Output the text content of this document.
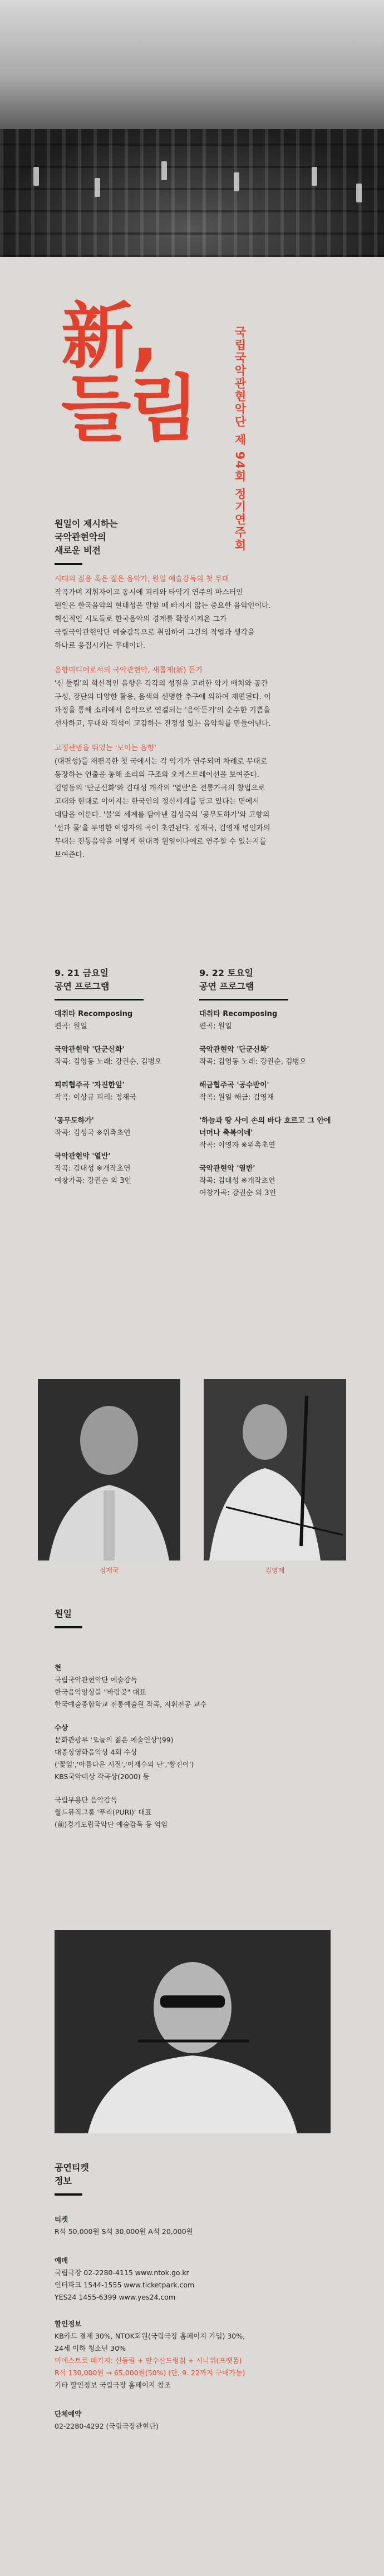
新,
들림	국립국악관현악단 제 94회 정기연주회
원일이 제시하는
국악관현악의
새로운 비전

시대의 젊음 혹은 젊은 음악가, 원일 예술감독의 첫 무대

작곡가며 지휘자이고 동시에 피리와 타악기 연주의 마스터인

원일은 한국음악의 현대성을 말할 때 빠지지 않는 중요한 음악인이다.

혁신적인 시도들로 한국음악의 경계를 확장시켜온 그가

국립국악관현악단 예술감독으로 취임하여 그간의 작업과 생각을

하나로 응집시키는 무대이다.

음향미디어로서의 국악관현악, 새롭게(新) 듣기

'신 들림'의 혁신적인 음향은 각각의 성질을 고려한 악기 배치와 공간

구성, 장단의 다양한 활용, 음색의 선명한 추구에 의하여 재편된다. 이

과정을 통해 소리에서 음악으로 연결되는 '음악듣기'의 순수한 기쁨을

선사하고, 무대와 객석이 교감하는 진정성 있는 음악회를 만들어낸다.

고정관념을 뛰었는 '보이는 음향'

(대편성)를 재편곡한 첫 국에서는 각 악기가 연주되며 차례로 무대로

등장하는 연출을 통해 소리의 구조와 오케스트레이션을 보여준다.

김영동의 '단군신화'와 김대성 개작의 '열반'은 전통가곡의 창법으로

고대와 현대로 이어지는 한국인의 정신세계를 담고 있다는 면에서

대담을 이룬다. '물'의 세계를 담아낸 김성국의 '공무도하가'와 고향의

'선과 물'을 투영한 이영자의 곡이 초연된다. 정재국, 김영재 명인과의

무대는 전통음악을 어떻게 현대적 원일이다에로 연주할 수 있는지를

보여준다.

9. 21 금요일
공연 프로그램
대취타 Recomposing
편곡: 원일
국악관현악 '단군신화'
작곡: 김영동 노래: 강권순, 김병오
피리협주곡 '자진한잎'
작곡: 이상규 피리: 정재국
'공무도하가'
작곡: 김성국 ※위촉초연
국악관현악 '열반'
작곡: 김대성 ※개작초연
여창가곡: 강권순 외 3인
9. 22 토요일
공연 프로그램
대취타 Recomposing
편곡: 원일
국악관현악 '단군신화'
작곡: 김영동 노래: 강권순, 김병오
해금협주곡 '공수받이'
작곡: 원일 해금: 김영재
'하늘과 땅 사이 손의 바다 흐르고 그 안에 너머나 축복이네'
작곡: 이영자 ※위촉초연
국악관현악 '열반'
작곡: 김대성 ※개작초연
여창가곡: 강권순 외 3인
정재국	김영재
원일
현
국립국악관현악단 예술감독
한국음악앙상블 "바람곶" 대표
한국예술종합학교 전통예술원 작곡, 지휘전공 교수
수상
문화관광부 '오늘의 젊은 예술인상'(99)
대종상영화음악상 4회 수상
('꽃잎','아름다운 시절','이재수의 난','황진이')
KBS국악대상 작곡상(2000) 등
국립무용단 음악감독
월드뮤직그룹 '푸리(PURI)' 대표
(前)경기도립국악단 예술감독 등 역임
공연티켓
정보
티켓
R석 50,000원 S석 30,000원 A석 20,000원
예매
국립극장 02-2280-4115 www.ntok.go.kr
인터파크 1544-1555 www.ticketpark.com
YES24 1455-6399 www.yes24.com
할인정보
KB카드 결제 30%, NTOK회원(국립극장 홈페이지 가입) 30%,
24세 이하 청소년 30%
미에스트로 패키지: 신들림 + 만수산드렁칡 + 시나위(프랫폼)
R석 130,000원 → 65,000원(50%) (단, 9. 22까지 구매가능)
기타 할인정보 국립극장 홈페이지 참조
단체예약
02-2280-4292 (국립극장관현단)
